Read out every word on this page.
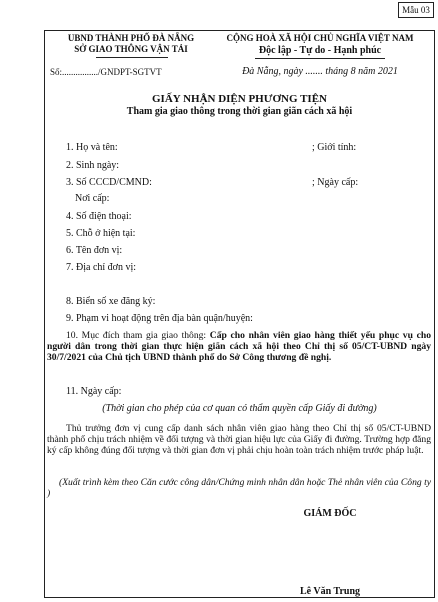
Mẫu 03
UBND THÀNH PHỐ ĐÀ NẴNG
SỞ GIAO THÔNG VẬN TẢI
Số:................/GNDPT-SGTVT
CỘNG HOÀ XÃ HỘI CHỦ NGHĨA VIỆT NAM
Độc lập - Tự do - Hạnh phúc
Đà Nẵng, ngày ....... tháng 8 năm 2021
GIẤY NHẬN DIỆN PHƯƠNG TIỆN
Tham gia giao thông trong thời gian giãn cách xã hội
1. Họ và tên:	; Giới tính:
2. Sinh ngày:
3. Số CCCD/CMND:	; Ngày cấp:
Nơi cấp:
4. Số điện thoại:
5. Chỗ ở hiện tại:
6. Tên đơn vị:
7. Địa chỉ đơn vị:
8. Biển số xe đăng ký:
9. Phạm vi hoạt động trên địa bàn quận/huyện:
10. Mục đích tham gia giao thông: Cấp cho nhân viên giao hàng thiết yếu phục vụ cho người dân trong thời gian thực hiện giãn cách xã hội theo Chỉ thị số 05/CT-UBND ngày 30/7/2021 của Chủ tịch UBND thành phố do Sở Công thương đề nghị.
11. Ngày cấp:
(Thời gian cho phép của cơ quan có thẩm quyền cấp Giấy đi đường)
Thủ trưởng đơn vị cung cấp danh sách nhân viên giao hàng theo Chỉ thị số 05/CT-UBND thành phố chịu trách nhiệm về đối tượng và thời gian hiệu lực của Giấy đi đường. Trường hợp đăng ký cấp không đúng đối tượng và thời gian đơn vị phải chịu hoàn toàn trách nhiệm trước pháp luật.
(Xuất trình kèm theo Căn cước công dân/Chứng minh nhân dân hoặc Thẻ nhân viên của Công ty )
GIÁM ĐỐC
Lê Văn Trung
